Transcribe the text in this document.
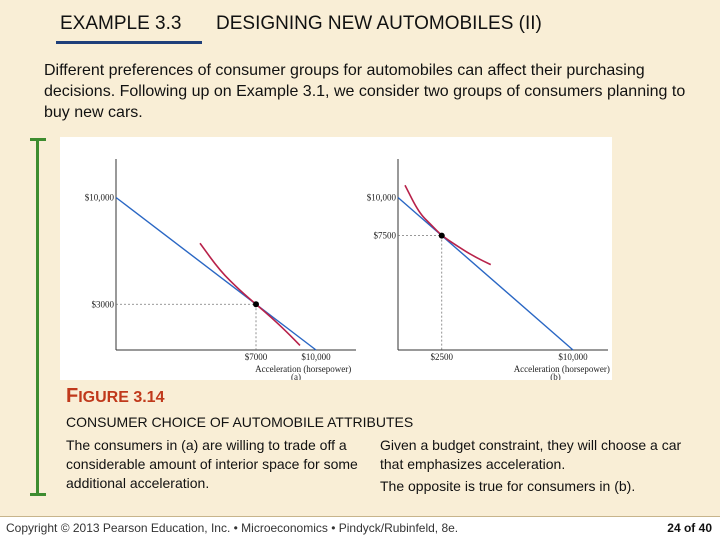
EXAMPLE 3.3 DESIGNING NEW AUTOMOBILES (II)
Different preferences of consumer groups for automobiles can affect their purchasing decisions. Following up on Example 3.1, we consider two groups of consumers planning to buy new cars.
Acceleration (horsepower)
(a)
$3000
$10,000
$7000	$10,000
Acceleration (horsepower)
(b)
$7500
$10,000
$2500	$10,000
FIGURE 3.14
CONSUMER CHOICE OF AUTOMOBILE ATTRIBUTES
The consumers in (a) are willing to trade off a considerable amount of interior space for some additional acceleration.

Given a budget constraint, they will choose a car that emphasizes acceleration.

The opposite is true for consumers in (b).

Copyright © 2013 Pearson Education, Inc. • Microeconomics • Pindyck/Rubinfeld, 8e.	24 of 40
